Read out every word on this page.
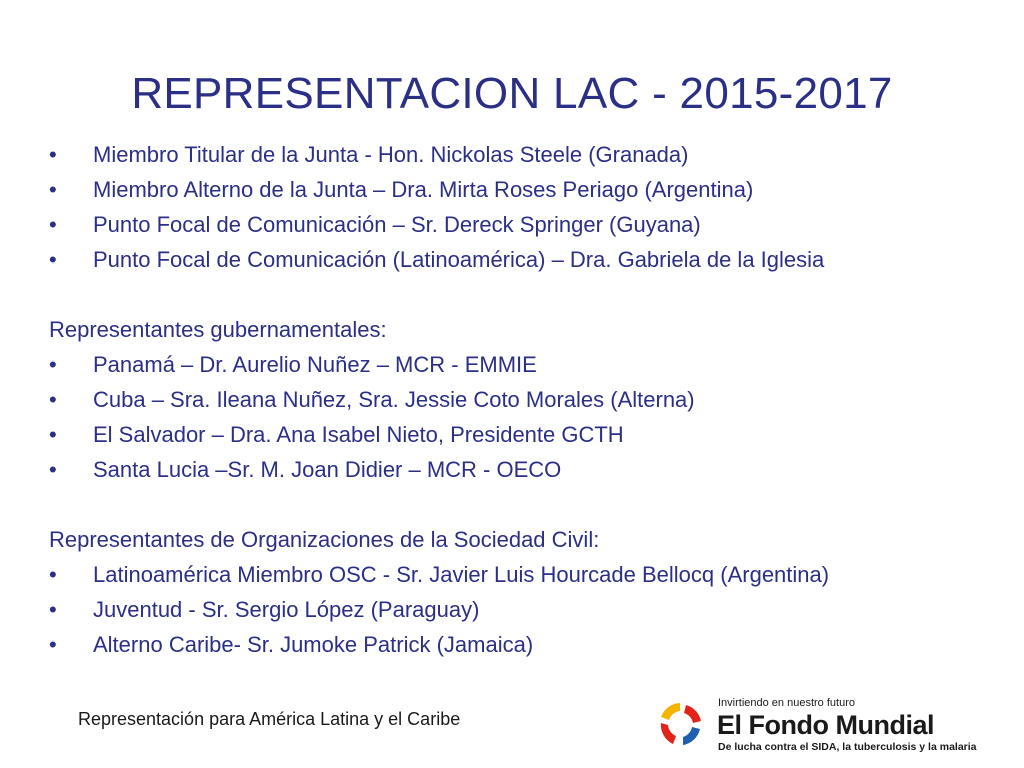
REPRESENTACION LAC - 2015-2017
•	Miembro Titular de la Junta - Hon. Nickolas Steele (Granada)
•	Miembro Alterno de la Junta – Dra. Mirta Roses Periago (Argentina)
•	Punto Focal de Comunicación – Sr. Dereck Springer (Guyana)
•	Punto Focal de Comunicación (Latinoamérica) – Dra. Gabriela de la Iglesia
Representantes gubernamentales:
•	Panamá – Dr. Aurelio Nuñez – MCR - EMMIE
•	Cuba – Sra. Ileana Nuñez, Sra. Jessie Coto Morales (Alterna)
•	El Salvador – Dra. Ana Isabel Nieto, Presidente GCTH
•	Santa Lucia –Sr. M. Joan Didier – MCR - OECO
Representantes de Organizaciones de la Sociedad Civil:
•	Latinoamérica Miembro OSC - Sr. Javier Luis Hourcade Bellocq (Argentina)
•	Juventud - Sr. Sergio López (Paraguay)
•	Alterno Caribe- Sr. Jumoke Patrick (Jamaica)
Representación para América Latina y el Caribe
Invirtiendo en nuestro futuro
El Fondo Mundial
De lucha contra el SIDA, la tuberculosis y la malaria
